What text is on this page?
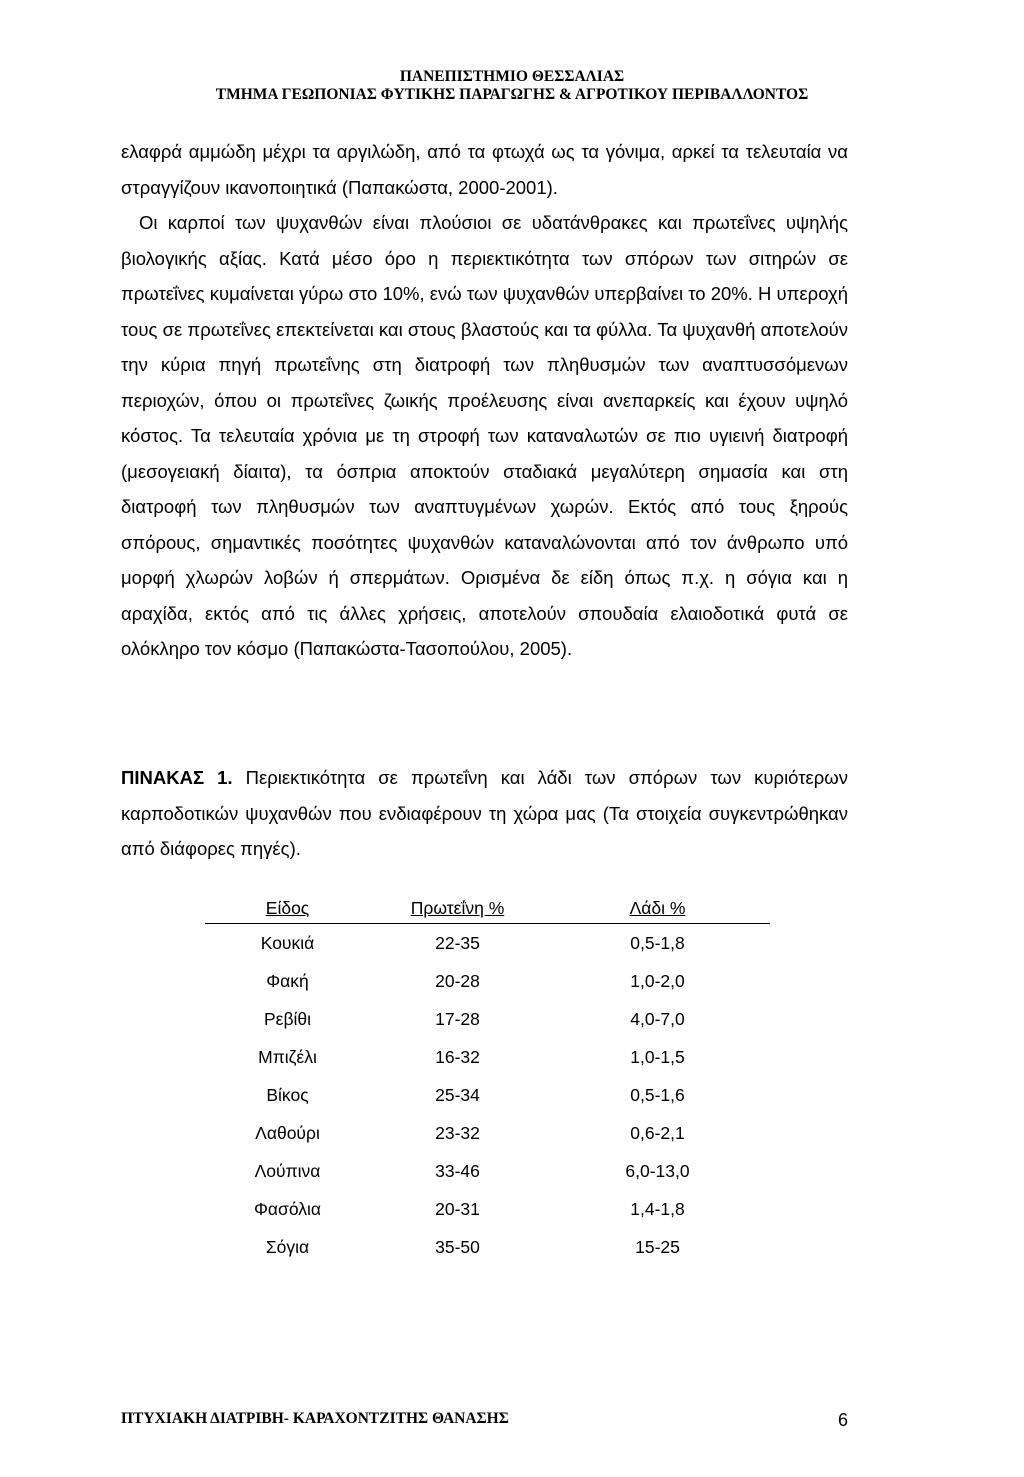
ΠΑΝΕΠΙΣΤΗΜΙΟ ΘΕΣΣΑΛΙΑΣ
ΤΜΗΜΑ ΓΕΩΠΟΝΙΑΣ ΦΥΤΙΚΗΣ ΠΑΡΑΓΩΓΗΣ & ΑΓΡΟΤΙΚΟΥ ΠΕΡΙΒΑΛΛΟΝΤΟΣ

ελαφρά αμμώδη μέχρι τα αργιλώδη, από τα φτωχά ως τα γόνιμα, αρκεί τα τελευταία να στραγγίζουν ικανοποιητικά (Παπακώστα, 2000-2001).

Οι καρποί των ψυχανθών είναι πλούσιοι σε υδατάνθρακες και πρωτεΐνες υψηλής βιολογικής αξίας. Κατά μέσο όρο η περιεκτικότητα των σπόρων των σιτηρών σε πρωτεΐνες κυμαίνεται γύρω στο 10%, ενώ των ψυχανθών υπερβαίνει το 20%. Η υπεροχή τους σε πρωτεΐνες επεκτείνεται και στους βλαστούς και τα φύλλα. Τα ψυχανθή αποτελούν την κύρια πηγή πρωτεΐνης στη διατροφή των πληθυσμών των αναπτυσσόμενων περιοχών, όπου οι πρωτεΐνες ζωικής προέλευσης είναι ανεπαρκείς και έχουν υψηλό κόστος. Τα τελευταία χρόνια με τη στροφή των καταναλωτών σε πιο υγιεινή διατροφή (μεσογειακή δίαιτα), τα όσπρια αποκτούν σταδιακά μεγαλύτερη σημασία και στη διατροφή των πληθυσμών των αναπτυγμένων χωρών. Εκτός από τους ξηρούς σπόρους, σημαντικές ποσότητες ψυχανθών καταναλώνονται από τον άνθρωπο υπό μορφή χλωρών λοβών ή σπερμάτων. Ορισμένα δε είδη όπως π.χ. η σόγια και η αραχίδα, εκτός από τις άλλες χρήσεις, αποτελούν σπουδαία ελαιοδοτικά φυτά σε ολόκληρο τον κόσμο (Παπακώστα-Τασοπούλου, 2005).

ΠΙΝΑΚΑΣ 1. Περιεκτικότητα σε πρωτεΐνη και λάδι των σπόρων των κυριότερων καρποδοτικών ψυχανθών που ενδιαφέρουν τη χώρα μας (Τα στοιχεία συγκεντρώθηκαν από διάφορες πηγές).
Είδος	Πρωτεΐνη %	Λάδι %
Κουκιά	22-35	0,5-1,8
Φακή	20-28	1,0-2,0
Ρεβίθι	17-28	4,0-7,0
Μπιζέλι	16-32	1,0-1,5
Βίκος	25-34	0,5-1,6
Λαθούρι	23-32	0,6-2,1
Λούπινα	33-46	6,0-13,0
Φασόλια	20-31	1,4-1,8
Σόγια	35-50	15-25
ΠΤΥΧΙΑΚΗ ΔΙΑΤΡΙΒΗ- ΚΑΡΑΧΟΝΤΖΙΤΗΣ ΘΑΝΑΣΗΣ	6
